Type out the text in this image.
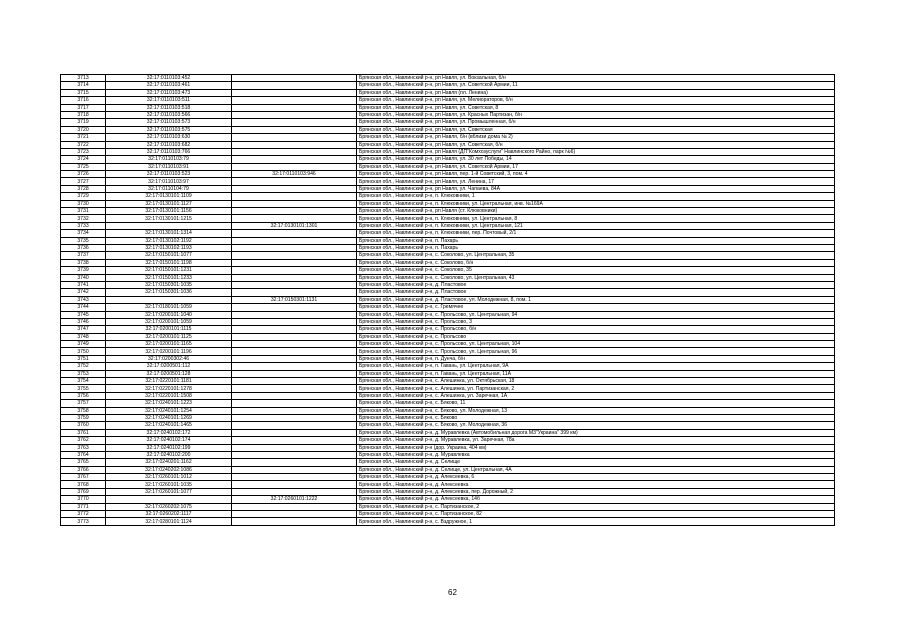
3713	32:17:0110103:452		Брянская обл., Навлинский р-н, рп Навля, ул. Вокзальная, б/н
3714	32:17:0110103:461		Брянская обл., Навлинский р-н, рп Навля, ул. Советской Армии, 11
3715	32:17:0110103:473		Брянская обл., Навлинский р-н, рп Навля (пл. Ленина)
3716	32:17:0110103:511		Брянская обл., Навлинский р-н, рп Навля, ул. Мелиораторов, б/н
3717	32:17:0110103:518		Брянская обл., Навлинский р-н, рп Навля, ул. Советская, 8
3718	32:17:0110103:566		Брянская обл., Навлинский р-н, рп Навля, ул. Красных Партизан, б/н
3719	32:17:0110103:573		Брянская обл., Навлинский р-н, рп Навля, ул. Промышленная, б/н
3720	32:17:0110103:575		Брянская обл., Навлинский р-н, рп Навля, ул. Советская
3721	32:17:0110103:630		Брянская обл., Навлинский р-н, рп Навля, б/н (вблизи дома № 2)
3722	32:17:0110103:682		Брянская обл., Навлинский р-н, рп Навля, ул. Советская, б/н
3723	32:17:0110103:766		Брянская обл., Навлинский р-н, рп Навля (ДП"Комхозуслуги" Навлинского Райно, парк №6)
3724	32:17:0110103:79		Брянская обл., Навлинский р-н, рп Навля, ул. 30 лет Победы, 14
3725	32:17:0110103:91		Брянская обл., Навлинский р-н, рп Навля, ул. Советской Армии, 17
3726	32:17:0110103:523	32:17:0110103:946	Брянская обл., Навлинский р-н, рп Навля, пер. 1-й Советский, 3, пом. 4
3727	32:17:0110103:97		Брянская обл., Навлинский р-н, рп Навля, ул. Ленина, 17
3728	32:17:0110104:79		Брянская обл., Навлинский р-н, рп Навля, ул. Чапаева, 84А
3729	32:17:0130101:1109		Брянская обл., Навлинский р-н, п. Клюковники, 1
3730	32:17:0130101:1127		Брянская обл., Навлинский р-н, п. Клюковники, ул. Центральная, инв. №169А
3731	32:17:0130101:1156		Брянская обл., Навлинский р-н, рп Навля (ст. Клюковники)
3732	32:17:0130101:1215		Брянская обл., Навлинский р-н, п. Клюковники, ул. Центральная, 8
3733		32:17:0130101:1301	Брянская обл., Навлинский р-н, п. Клюковники, ул. Центральная, 121
3734	32:17:0130101:1314		Брянская обл., Навлинский р-н, п. Клюковники, пер. Почтовый, 2/1
3735	32:17:0130102:1192		Брянская обл., Навлинский р-н, п. Пахарь
3736	32:17:0130102:1193		Брянская обл., Навлинский р-н, п. Пахарь
3737	32:17:0150101:1077		Брянская обл., Навлинский р-н, с. Соколово, ул. Центральная, 35
3738	32:17:0150101:1198		Брянская обл., Навлинский р-н, с. Соколово, б/н
3739	32:17:0150101:1231		Брянская обл., Навлинский р-н, с. Соколово, 35
3740	32:17:0150101:1233		Брянская обл., Навлинский р-н, с. Соколово, ул. Центральная, 43
3741	32:17:0150301:1035		Брянская обл., Навлинский р-н, д. Пластовое
3742	32:17:0150301:1036		Брянская обл., Навлинский р-н, д. Пластовое
3743		32:17:0150301:1131	Брянская обл., Навлинский р-н, д. Пластовое, ул. Молодежная, 8, пом. 1
3744	32:17:0180101:1059		Брянская обл., Навлинский р-н, с. Гремячее
3745	32:17:0200101:1040		Брянская обл., Навлинский р-н, с. Прольсово, ул. Центральная, 94
3746	32:17:0200101:1059		Брянская обл., Навлинский р-н, с. Прольсово, 3
3747	32:17:0200101:1115		Брянская обл., Навлинский р-н, с. Прольсово, б/н
3748	32:17:0200101:1125		Брянская обл., Навлинский р-н, с. Прольсово
3749	32:17:0200101:1165		Брянская обл., Навлинский р-н, с. Прольсово, ул. Центральная, 104
3750	32:17:0200101:1196		Брянская обл., Навлинский р-н, с. Прольсово, ул. Центральная, 96
3751	32:17:0200302:46		Брянская обл., Навлинский р-н, п. Дунча, б/н
3752	32:17:0200501:112		Брянская обл., Навлинский р-н, п. Гавань, ул. Центральная, 9А
3753	32:17:0200501:128		Брянская обл., Навлинский р-н, п. Гавань, ул. Центральная, 11А
3754	32:17:0220101:1181		Брянская обл., Навлинский р-н, с. Алешинка, ул. Октябрьская, 18
3755	32:17:0220101:1278		Брянская обл., Навлинский р-н, с. Алешинка, ул. Партизанская, 2
3756	32:17:0220101:1508		Брянская обл., Навлинский р-н, с. Алешинка, ул. Заречная, 1А
3757	32:17:0240101:1223		Брянская обл., Навлинский р-н, с. Бяково, 11
3758	32:17:0240101:1254		Брянская обл., Навлинский р-н, с. Бяково, ул. Молодежная, 13
3759	32:17:0240101:1269		Брянская обл., Навлинский р-н, с. Бяково
3760	32:17:0240101:1465		Брянская обл., Навлинский р-н, с. Бяково, ул. Молодежная, 36
3761	32:17:0240102:172		Брянская обл., Навлинский р-н, д. Муравлевка (Автомобильная дорога М3"Украина" 399 км)
3762	32:17:0240102:174		Брянская обл., Навлинский р-н, д. Муравлевка, ул. Заречная, 78а
3763	32:17:0240102:199		Брянская обл., Навлинский р-н (дор. Украина, 404 км)
3764	32:17:0240102:200		Брянская обл., Навлинский р-н, д. Муравлевка
3765	32:17:0240201:1162		Брянская обл., Навлинский р-н, д. Селище
3766	32:17:0240202:1086		Брянская обл., Навлинский р-н, д. Селище, ул. Центральная, 4А
3767	32:17:0260101:1012		Брянская обл., Навлинский р-н, д. Алексеевка, 6
3768	32:17:0260101:1035		Брянская обл., Навлинский р-н, д. Алексеевка
3769	32:17:0260101:1077		Брянская обл., Навлинский р-н, д. Алексеевка, пер. Дорожный, 2
3770		32:17:0260101:1222	Брянская обл., Навлинский р-н, д. Алексеевка, 14б
3771	32:17:0260202:1075		Брянская обл., Навлинский р-н, с. Партизанское, 2
3772	32:17:0260202:1117		Брянская обл., Навлинский р-н, с. Партизанское, 82
3773	32:17:0280101:1124		Брянская обл., Навлинский р-н, с. Вздружное, 1
62
